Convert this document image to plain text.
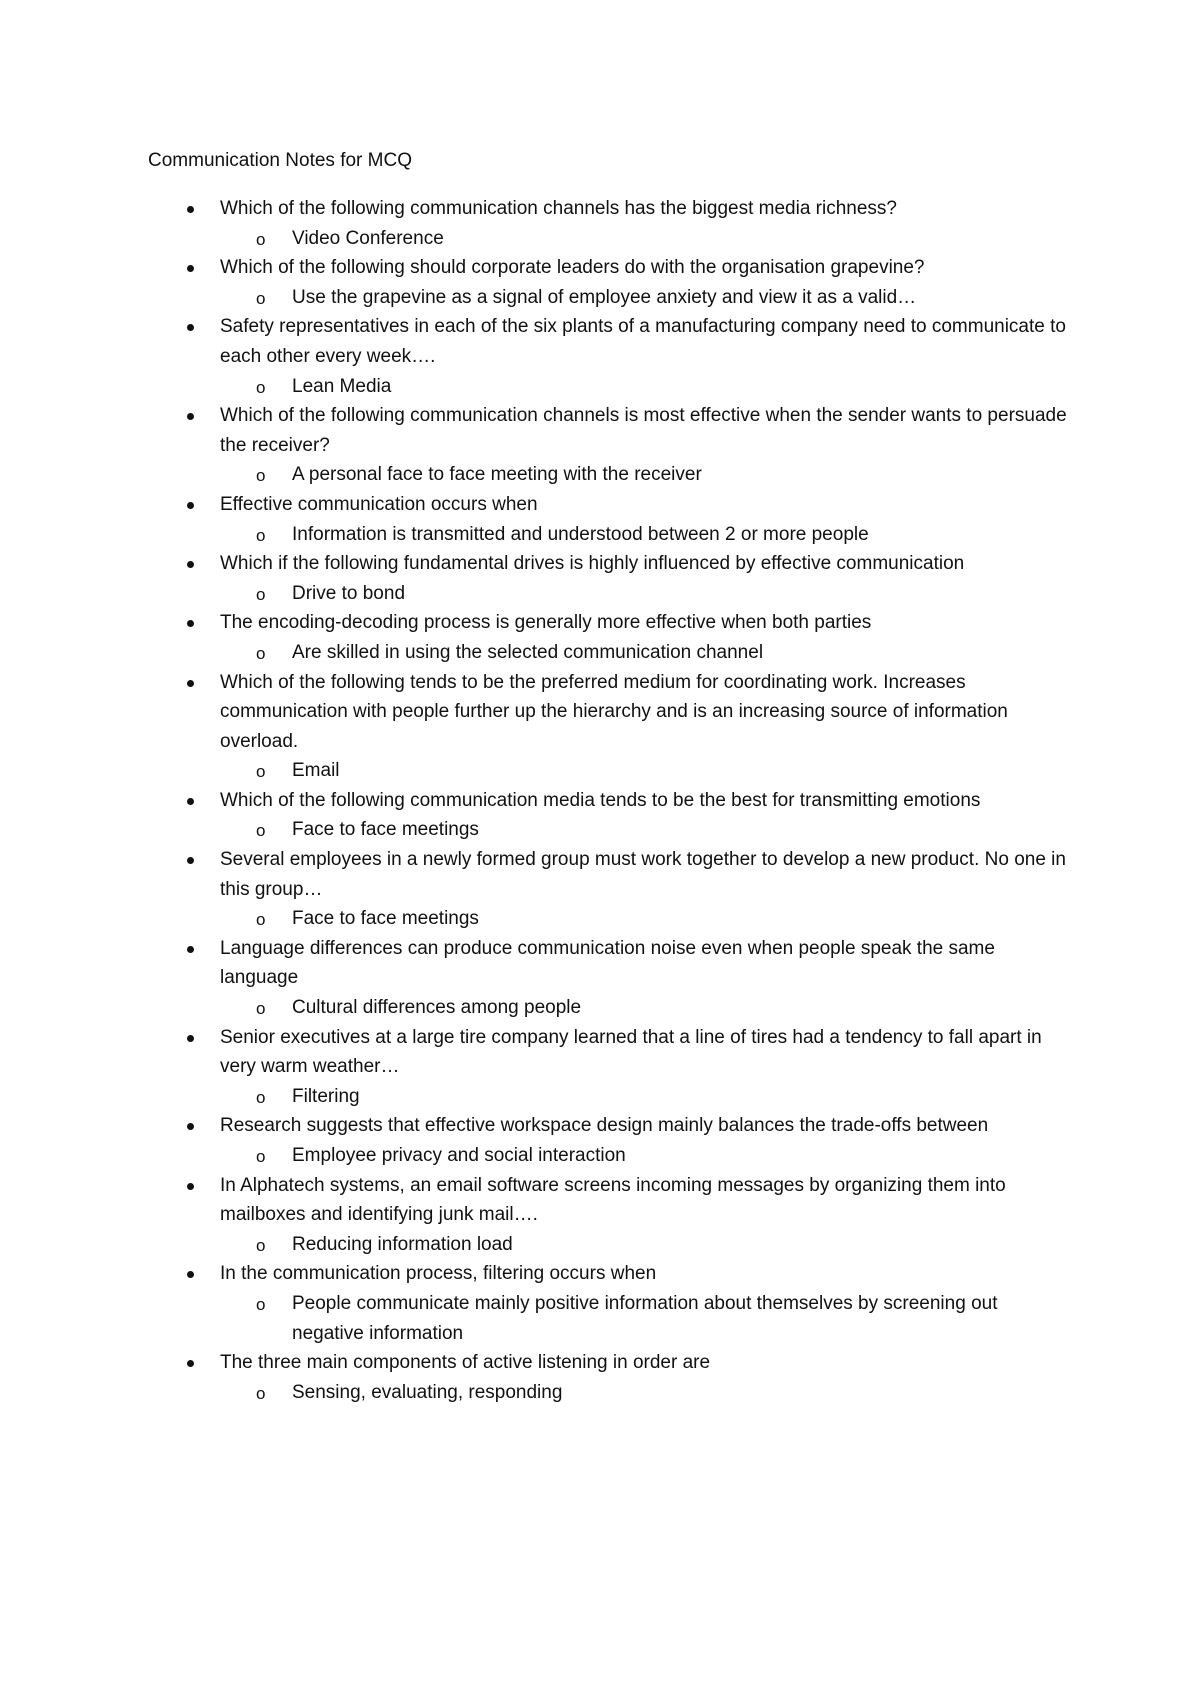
Communication Notes for MCQ
Which of the following communication channels has the biggest media richness?
o Video Conference
Which of the following should corporate leaders do with the organisation grapevine?
o Use the grapevine as a signal of employee anxiety and view it as a valid…
Safety representatives in each of the six plants of a manufacturing company need to communicate to each other every week….
o Lean Media
Which of the following communication channels is most effective when the sender wants to persuade the receiver?
o A personal face to face meeting with the receiver
Effective communication occurs when
o Information is transmitted and understood between 2 or more people
Which if the following fundamental drives is highly influenced by effective communication
o Drive to bond
The encoding-decoding process is generally more effective when both parties
o Are skilled in using the selected communication channel
Which of the following tends to be the preferred medium for coordinating work. Increases communication with people further up the hierarchy and is an increasing source of information overload.
o Email
Which of the following communication media tends to be the best for transmitting emotions
o Face to face meetings
Several employees in a newly formed group must work together to develop a new product. No one in this group…
o Face to face meetings
Language differences can produce communication noise even when people speak the same language
o Cultural differences among people
Senior executives at a large tire company learned that a line of tires had a tendency to fall apart in very warm weather…
o Filtering
Research suggests that effective workspace design mainly balances the trade-offs between
o Employee privacy and social interaction
In Alphatech systems, an email software screens incoming messages by organizing them into mailboxes and identifying junk mail….
o Reducing information load
In the communication process, filtering occurs when
o People communicate mainly positive information about themselves by screening out negative information
The three main components of active listening in order are
o Sensing, evaluating, responding
